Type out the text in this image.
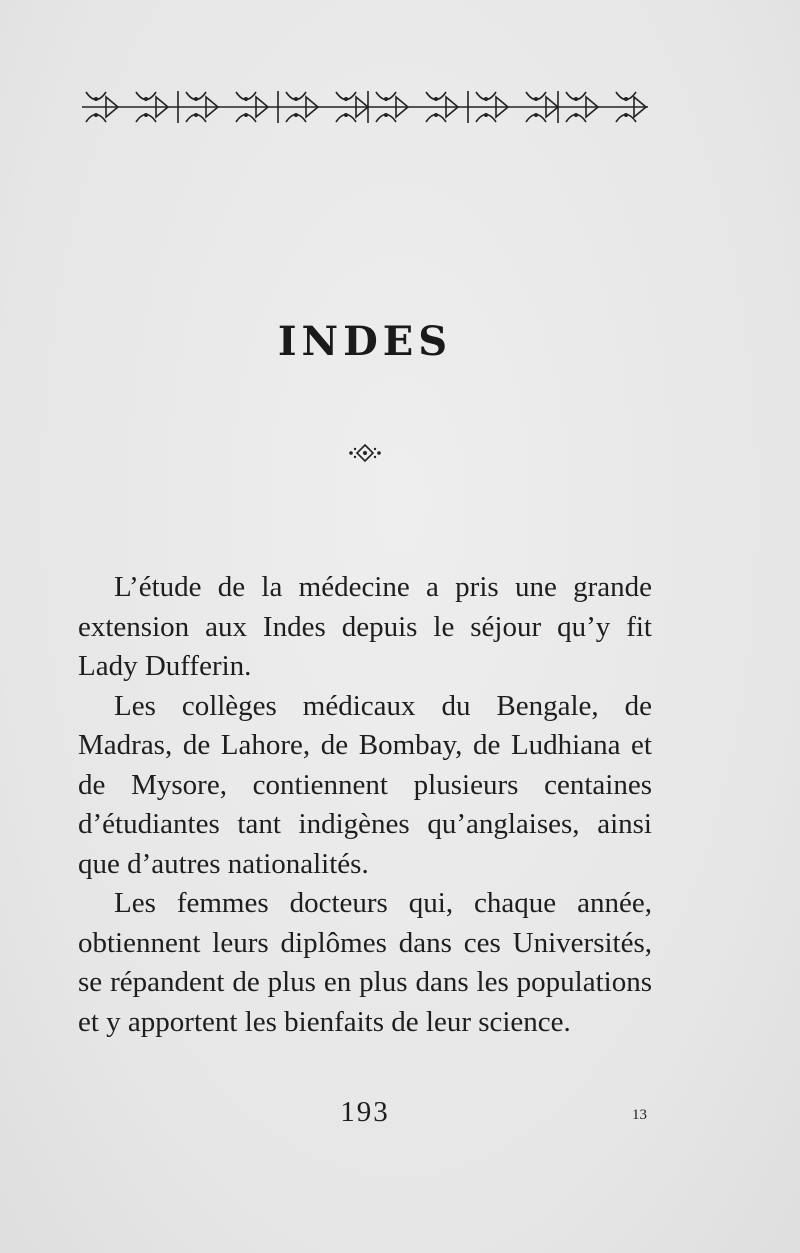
INDES

L’étude de la médecine a pris une grande extension aux Indes depuis le séjour qu’y fit Lady Dufferin.

Les collèges médicaux du Bengale, de Madras, de Lahore, de Bombay, de Ludhiana et de Mysore, contiennent plusieurs centaines d’étudiantes tant indigènes qu’anglaises, ainsi que d’autres nationalités.

Les femmes docteurs qui, chaque année, obtiennent leurs diplômes dans ces Universités, se répandent de plus en plus dans les populations et y apportent les bienfaits de leur science.

193	13
